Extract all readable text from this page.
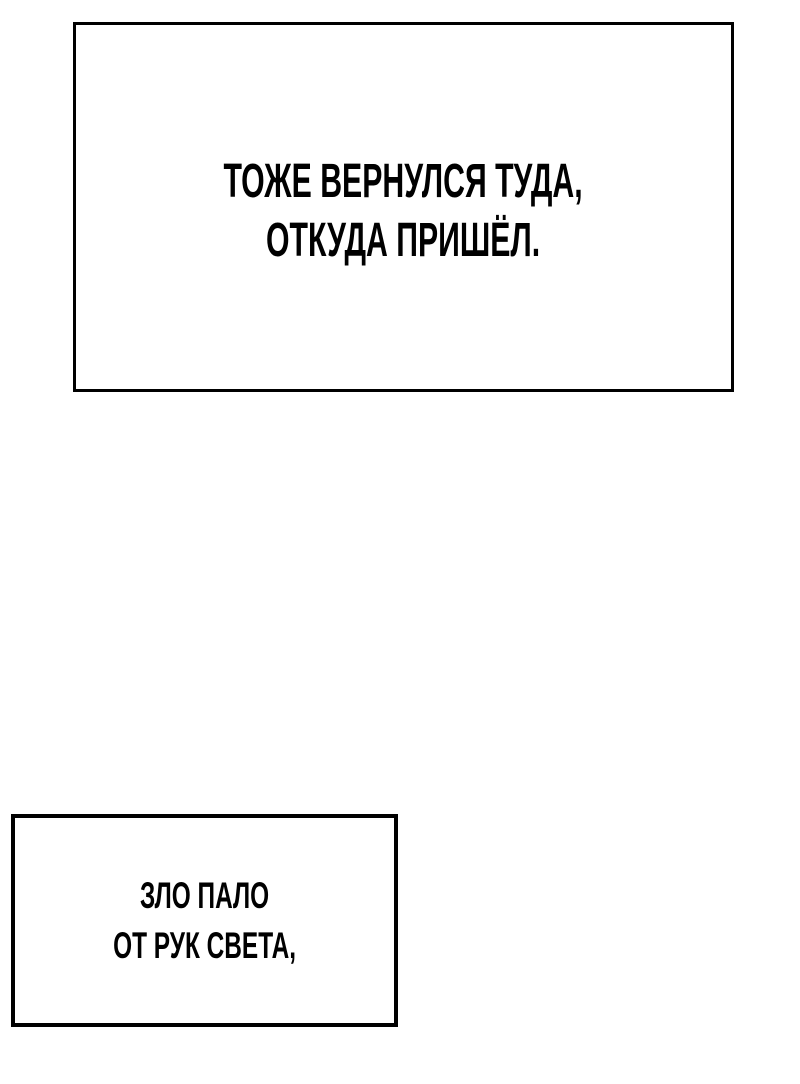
ТОЖЕ ВЕРНУЛСЯ ТУДА,
ОТКУДА ПРИШЁЛ.
ЗЛО ПАЛО
ОТ РУК СВЕТА,
